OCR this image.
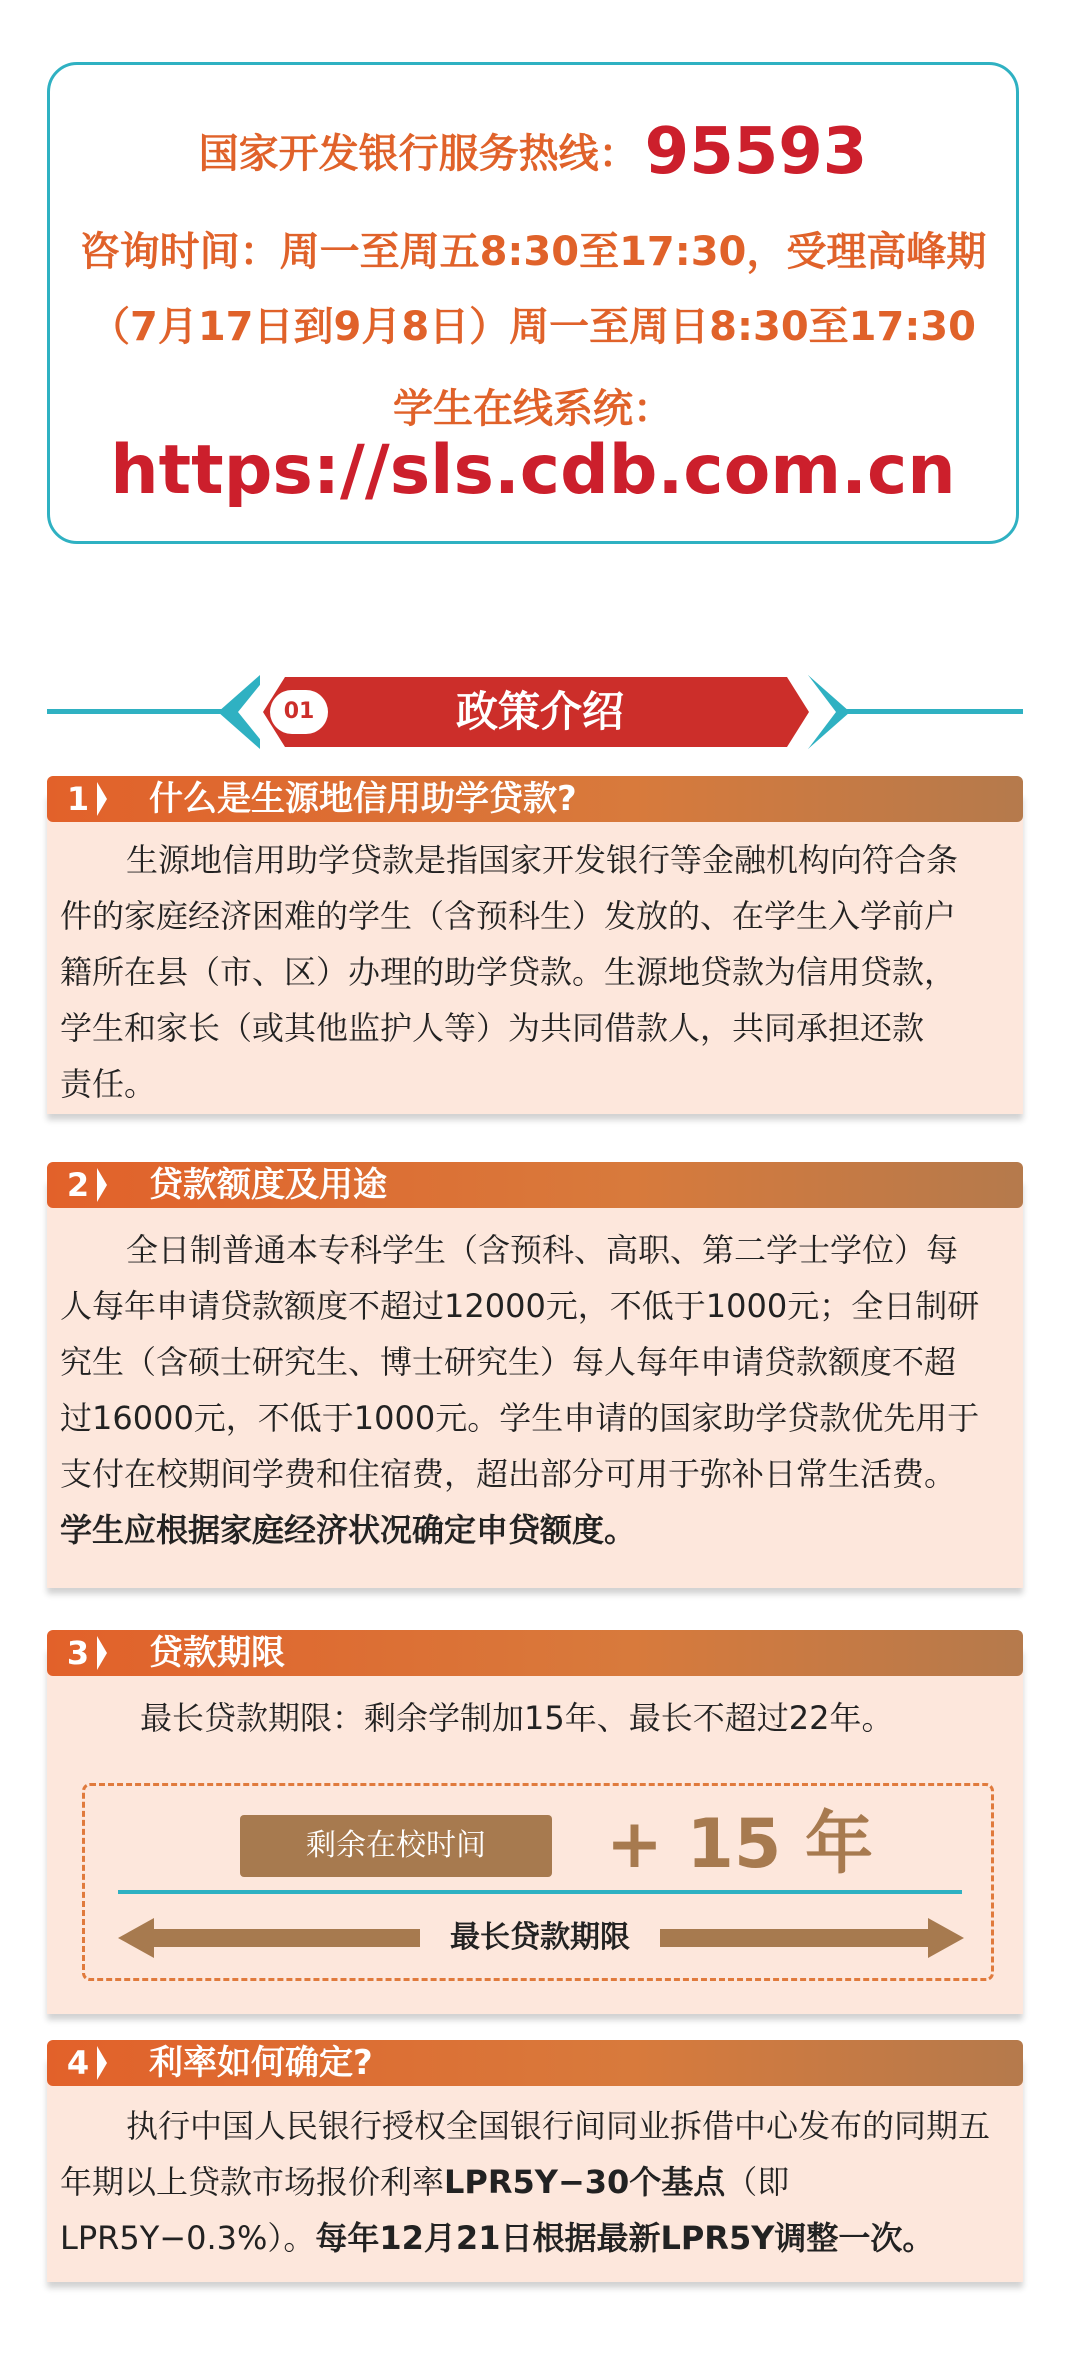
国家开发银行服务热线：95593
咨询时间：周一至周五8:30至17:30，受理高峰期
（7月17日到9月8日）周一至周日8:30至17:30
学生在线系统：
https://sls.cdb.com.cn
01	政策介绍
1	什么是生源地信用助学贷款?
生源地信用助学贷款是指国家开发银行等金融机构向符合条
件的家庭经济困难的学生（含预科生）发放的、在学生入学前户
籍所在县（市、区）办理的助学贷款。生源地贷款为信用贷款，
学生和家长（或其他监护人等）为共同借款人，共同承担还款
责任。
2	贷款额度及用途
全日制普通本专科学生（含预科、高职、第二学士学位）每
人每年申请贷款额度不超过12000元，不低于1000元；全日制研
究生（含硕士研究生、博士研究生）每人每年申请贷款额度不超
过16000元，不低于1000元。学生申请的国家助学贷款优先用于
支付在校期间学费和住宿费，超出部分可用于弥补日常生活费。
学生应根据家庭经济状况确定申贷额度。
3	贷款期限
最长贷款期限：剩余学制加15年、最长不超过22年。
剩余在校时间	+ 15 年
最长贷款期限
4	利率如何确定?
执行中国人民银行授权全国银行间同业拆借中心发布的同期五
年期以上贷款市场报价利率LPR5Y−30个基点（即
LPR5Y−0.3%）。每年12月21日根据最新LPR5Y调整一次。
